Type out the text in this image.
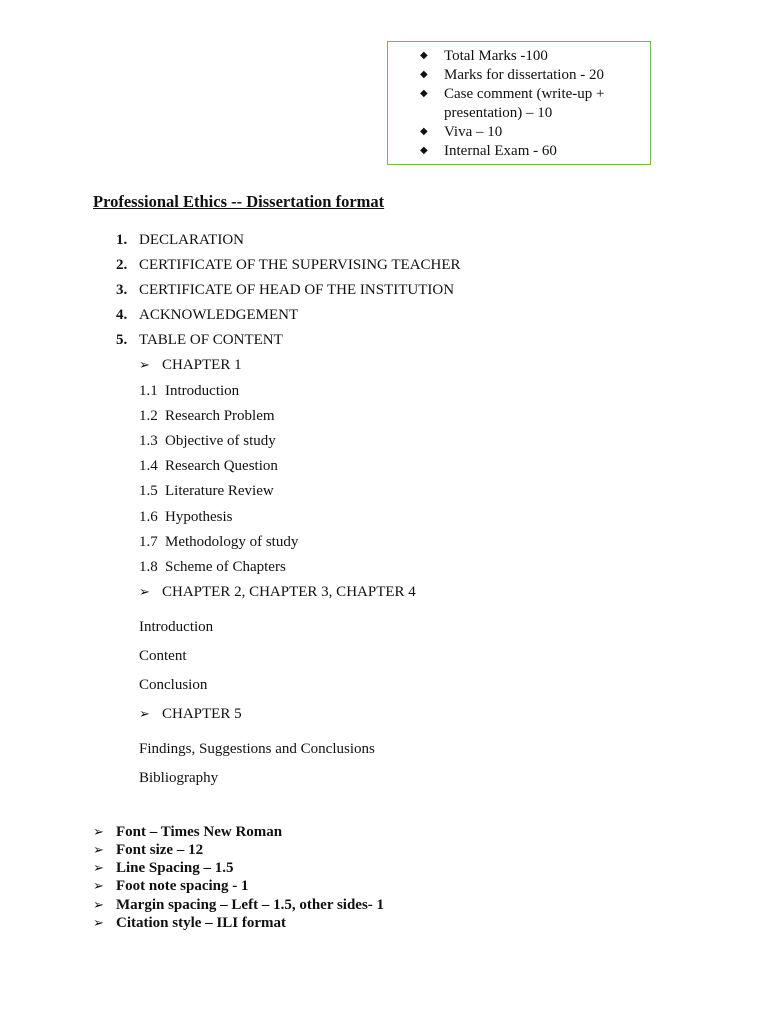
◆ Total Marks -100
◆ Marks for dissertation - 20
◆ Case comment (write-up + presentation) – 10
◆ Viva – 10
◆ Internal Exam - 60
Professional Ethics -- Dissertation format
1. DECLARATION
2. CERTIFICATE OF THE SUPERVISING TEACHER
3. CERTIFICATE OF HEAD OF THE INSTITUTION
4. ACKNOWLEDGEMENT
5. TABLE OF CONTENT
➢ CHAPTER 1
1.1 Introduction
1.2 Research Problem
1.3 Objective of study
1.4 Research Question
1.5 Literature Review
1.6 Hypothesis
1.7 Methodology of study
1.8 Scheme of Chapters
➢ CHAPTER 2, CHAPTER 3, CHAPTER 4
Introduction
Content
Conclusion
➢ CHAPTER 5
Findings, Suggestions and Conclusions
Bibliography
➢ Font – Times New Roman
➢ Font size – 12
➢ Line Spacing – 1.5
➢ Foot note spacing - 1
➢ Margin spacing – Left – 1.5, other sides- 1
➢ Citation style – ILI format
